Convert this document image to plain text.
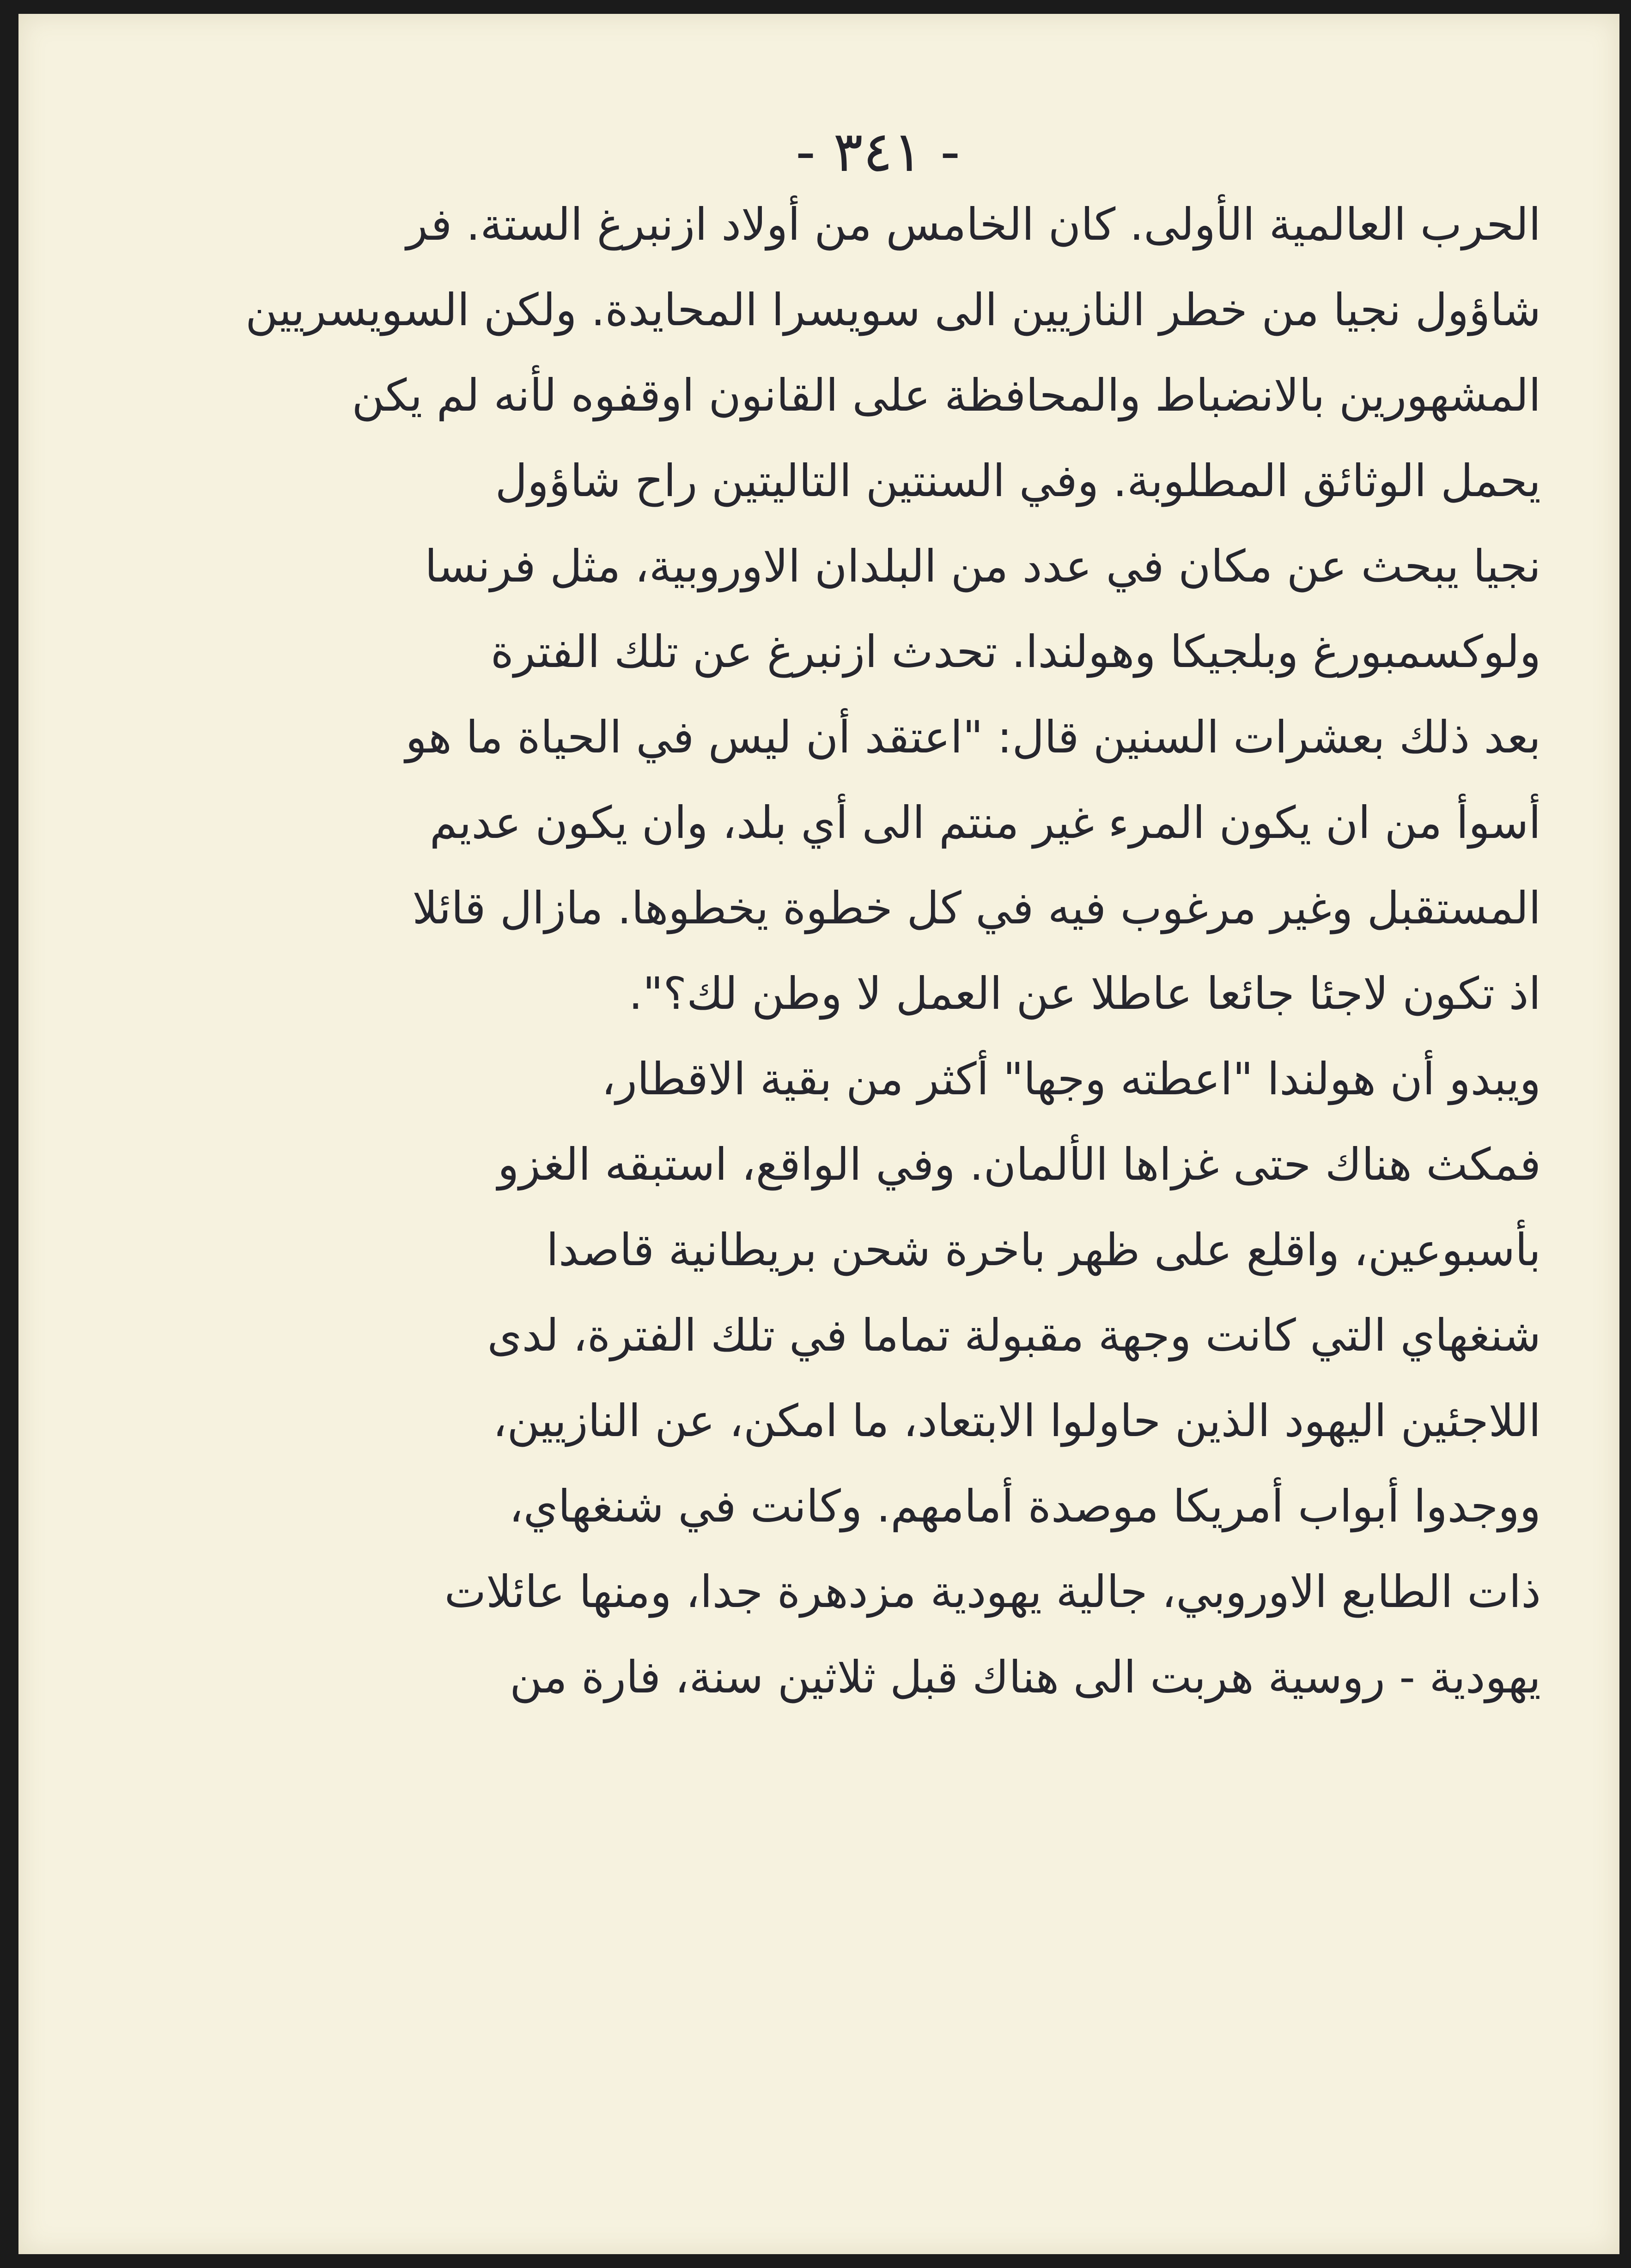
- ٣٤١ -
الحرب العالمية الأولى. كان الخامس من أولاد ازنبرغ الستة. فر
شاؤول نجيا من خطر النازيين الى سويسرا المحايدة. ولكن السويسريين
المشهورين بالانضباط والمحافظة على القانون اوقفوه لأنه لم يكن
يحمل الوثائق المطلوبة. وفي السنتين التاليتين راح شاؤول
نجيا يبحث عن مكان في عدد من البلدان الاوروبية، مثل فرنسا
ولوكسمبورغ وبلجيكا وهولندا. تحدث ازنبرغ عن تلك الفترة
بعد ذلك بعشرات السنين قال: "اعتقد أن ليس في الحياة ما هو
أسوأ من ان يكون المرء غير منتم الى أي بلد، وان يكون عديم
المستقبل وغير مرغوب فيه في كل خطوة يخطوها. مازال قائلا
اذ تكون لاجئا جائعا عاطلا عن العمل لا وطن لك؟".
ويبدو أن هولندا "اعطته وجها" أكثر من بقية الاقطار،
فمكث هناك حتى غزاها الألمان. وفي الواقع، استبقه الغزو
بأسبوعين، واقلع على ظهر باخرة شحن بريطانية قاصدا
شنغهاي التي كانت وجهة مقبولة تماما في تلك الفترة، لدى
اللاجئين اليهود الذين حاولوا الابتعاد، ما امكن، عن النازيين،
ووجدوا أبواب أمريكا موصدة أمامهم. وكانت في شنغهاي،
ذات الطابع الاوروبي، جالية يهودية مزدهرة جدا، ومنها عائلات
يهودية - روسية هربت الى هناك قبل ثلاثين سنة، فارة من
